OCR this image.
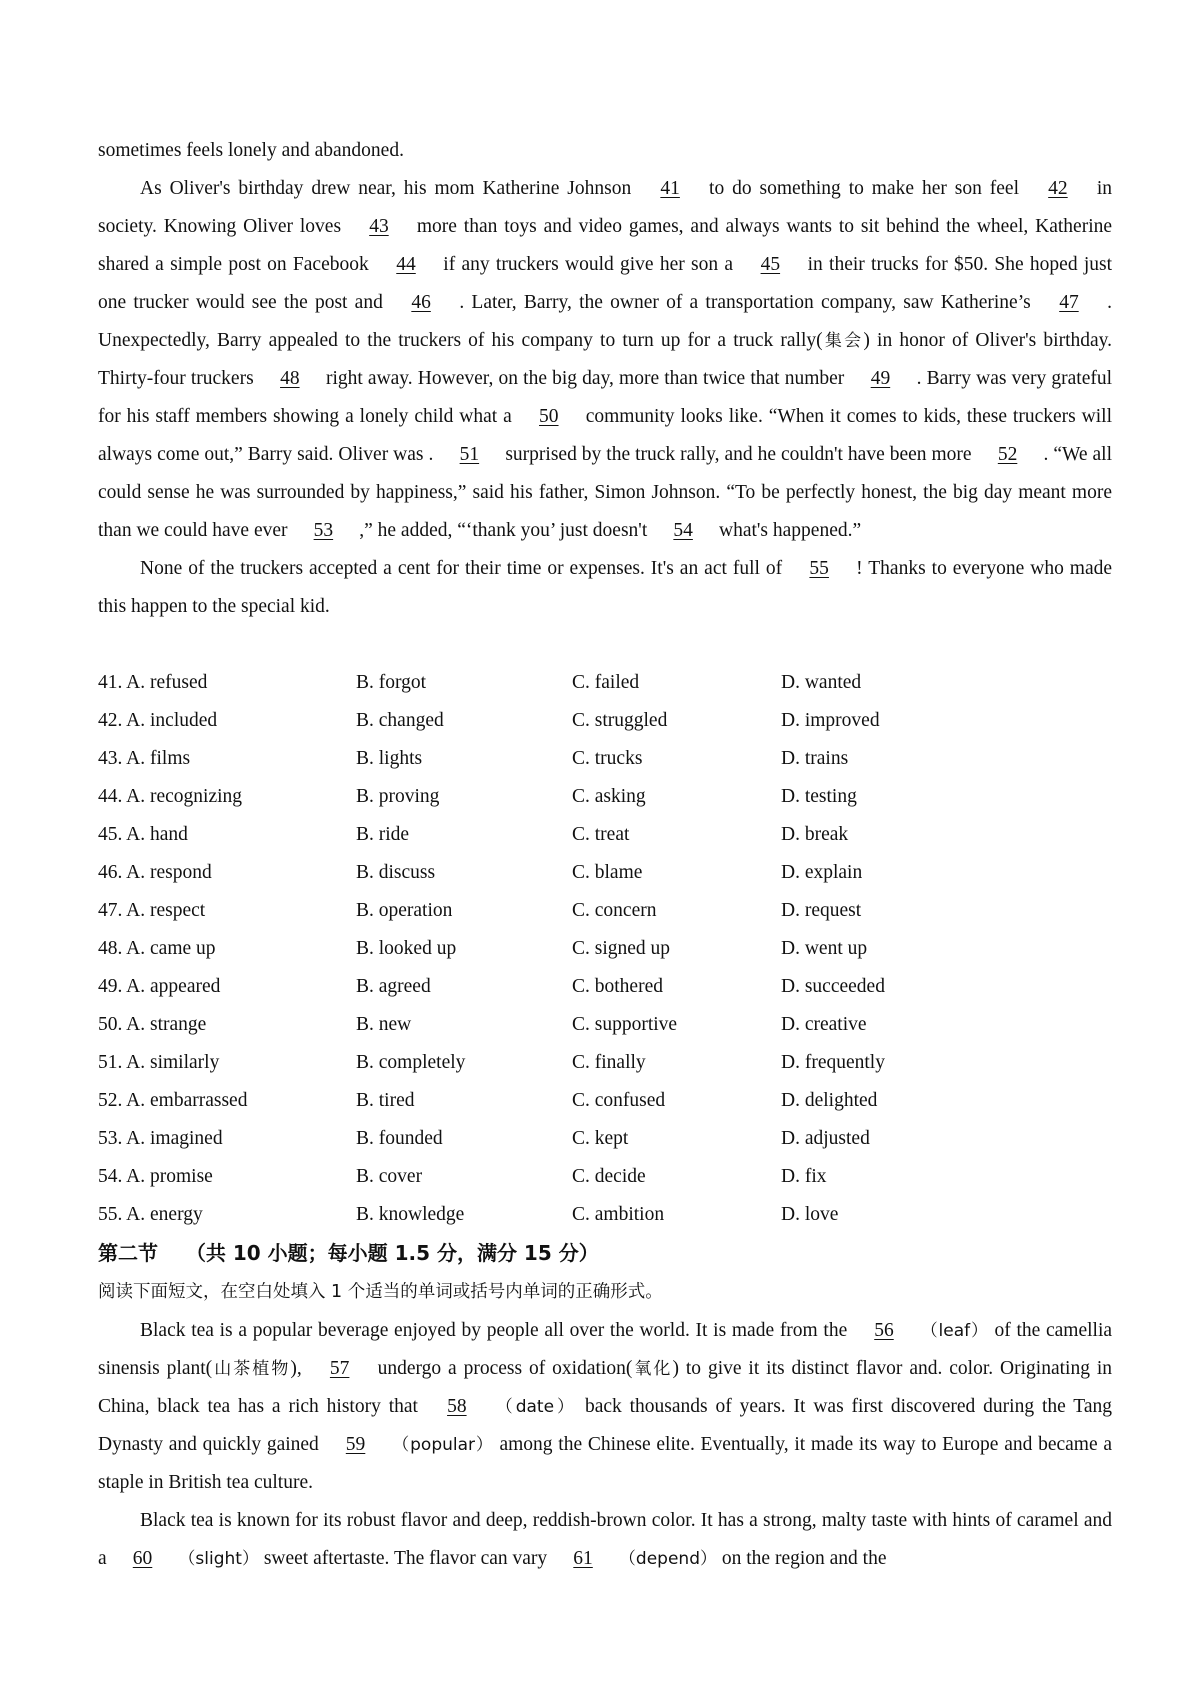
sometimes feels lonely and abandoned.

As Oliver's birthday drew near, his mom Katherine Johnson 41 to do something to make her son feel 42 in society. Knowing Oliver loves 43 more than toys and video games, and always wants to sit behind the wheel, Katherine shared a simple post on Facebook 44 if any truckers would give her son a 45 in their trucks for $50. She hoped just one trucker would see the post and 46 . Later, Barry, the owner of a transportation company, saw Katherine’s 47 . Unexpectedly, Barry appealed to the truckers of his company to turn up for a truck rally(集会) in honor of Oliver's birthday. Thirty-four truckers 48 right away. However, on the big day, more than twice that number 49 . Barry was very grateful for his staff members showing a lonely child what a 50 community looks like. “When it comes to kids, these truckers will always come out,” Barry said. Oliver was . 51 surprised by the truck rally, and he couldn't have been more 52 . “We all could sense he was surrounded by happiness,” said his father, Simon Johnson. “To be perfectly honest, the big day meant more than we could have ever 53 ,” he added, “‘thank you’ just doesn't 54 what's happened.”

None of the truckers accepted a cent for their time or expenses. It's an act full of 55 ! Thanks to everyone who made this happen to the special kid.

41. A. refused	B. forgot	C. failed	D. wanted
42. A. included	B. changed	C. struggled	D. improved
43. A. films	B. lights	C. trucks	D. trains
44. A. recognizing	B. proving	C. asking	D. testing
45. A. hand	B. ride	C. treat	D. break
46. A. respond	B. discuss	C. blame	D. explain
47. A. respect	B. operation	C. concern	D. request
48. A. came up	B. looked up	C. signed up	D. went up
49. A. appeared	B. agreed	C. bothered	D. succeeded
50. A. strange	B. new	C. supportive	D. creative
51. A. similarly	B. completely	C. finally	D. frequently
52. A. embarrassed	B. tired	C. confused	D. delighted
53. A. imagined	B. founded	C. kept	D. adjusted
54. A. promise	B. cover	C. decide	D. fix
55. A. energy	B. knowledge	C. ambition	D. love

第二节    （共 10 小题；每小题 1.5 分，满分 15 分）

阅读下面短文，在空白处填入 1 个适当的单词或括号内单词的正确形式。

Black tea is a popular beverage enjoyed by people all over the world. It is made from the 56 （leaf） of the camellia sinensis plant(山茶植物), 57 undergo a process of oxidation(氧化) to give it its distinct flavor and. color. Originating in China, black tea has a rich history that 58 （date） back thousands of years. It was first discovered during the Tang Dynasty and quickly gained 59 （popular） among the Chinese elite. Eventually, it made its way to Europe and became a staple in British tea culture.

Black tea is known for its robust flavor and deep, reddish-brown color. It has a strong, malty taste with hints of caramel and a 60 （slight） sweet aftertaste. The flavor can vary 61 （depend） on the region and the
